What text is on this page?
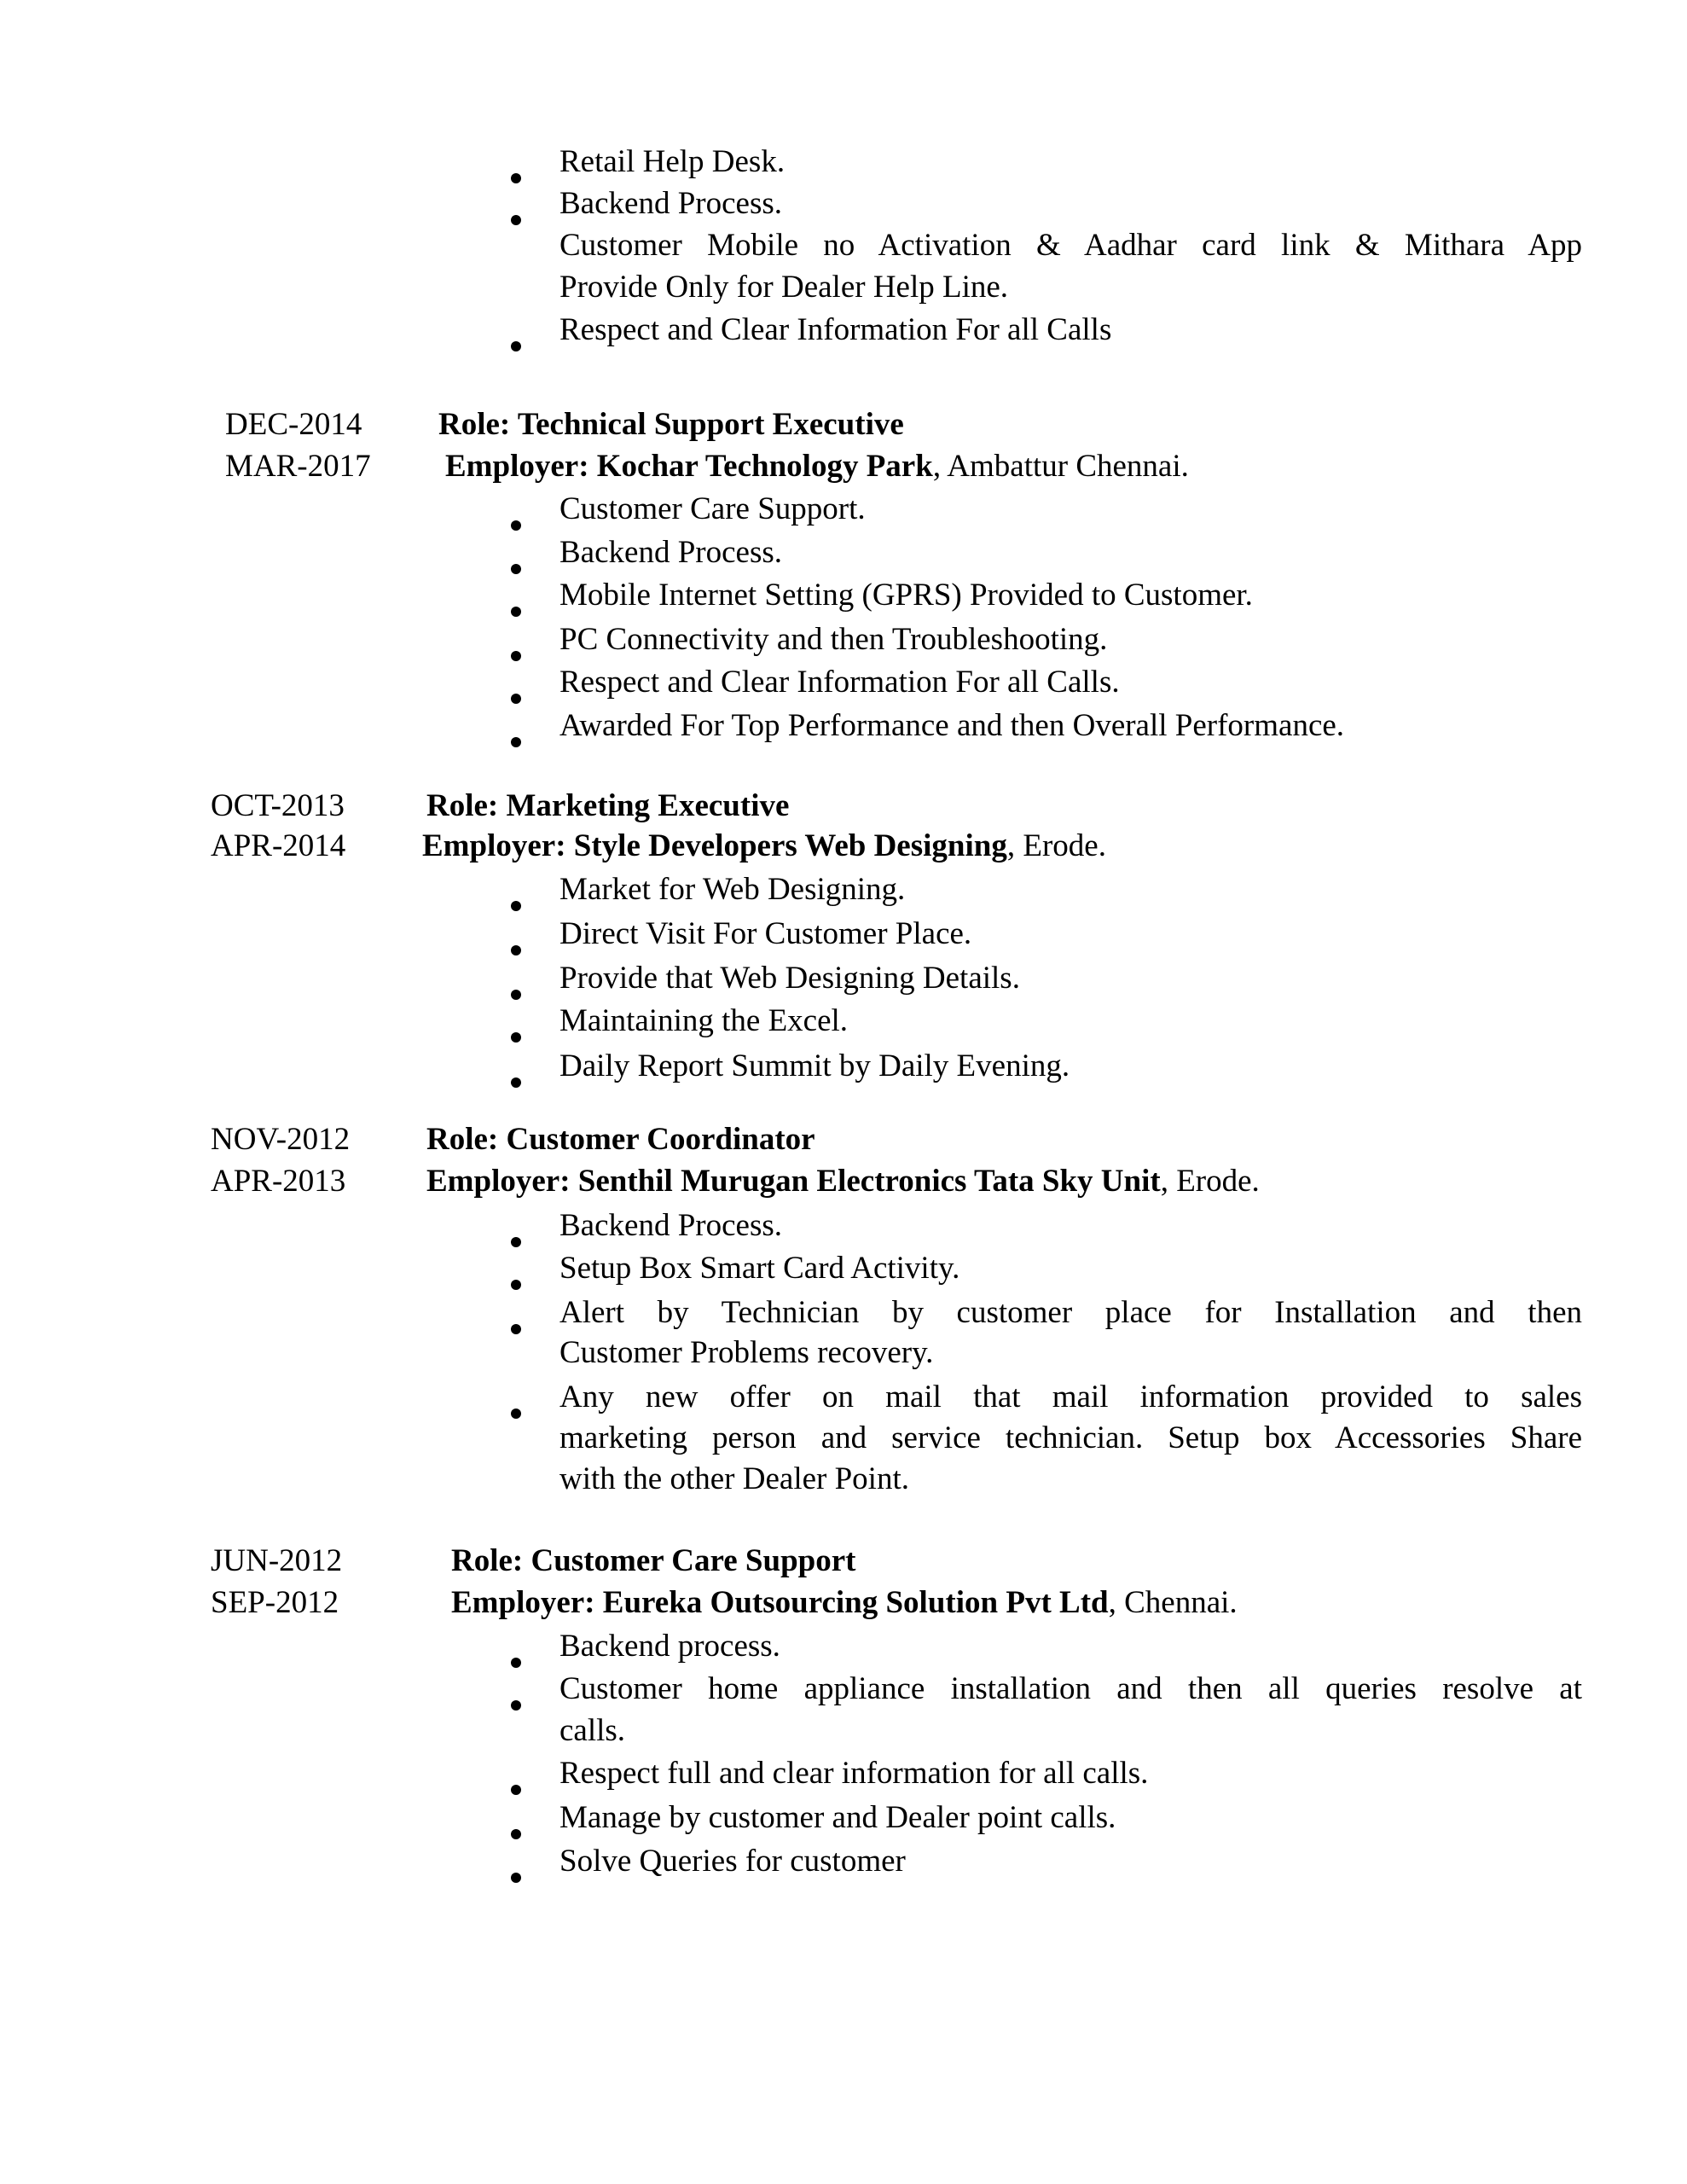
Retail Help Desk.
Backend Process.
Customer Mobile no Activation & Aadhar card link & Mithara App
Provide Only for Dealer Help Line.
Respect and Clear Information For all Calls
DEC-2014
MAR-2017
Role: Technical Support Executive
Employer: Kochar Technology Park, Ambattur Chennai.
Customer Care Support.
Backend Process.
Mobile Internet Setting (GPRS) Provided to Customer.
PC Connectivity and then Troubleshooting.
Respect and Clear Information For all Calls.
Awarded For Top Performance and then Overall Performance.
OCT-2013
APR-2014
Role: Marketing Executive
Employer: Style Developers Web Designing, Erode.
Market for Web Designing.
Direct Visit For Customer Place.
Provide that Web Designing Details.
Maintaining the Excel.
Daily Report Summit by Daily Evening.
NOV-2012
APR-2013
Role: Customer Coordinator
Employer: Senthil Murugan Electronics Tata Sky Unit, Erode.
Backend Process.
Setup Box Smart Card Activity.
Alert by Technician by customer place for Installation and then
Customer Problems recovery.
Any new offer on mail that mail information provided to sales
marketing person and service technician. Setup box Accessories Share
with the other Dealer Point.
JUN-2012
SEP-2012
Role: Customer Care Support
Employer: Eureka Outsourcing Solution Pvt Ltd, Chennai.
Backend process.
Customer home appliance installation and then all queries resolve at
calls.
Respect full and clear information for all calls.
Manage by customer and Dealer point calls.
Solve Queries for customer
